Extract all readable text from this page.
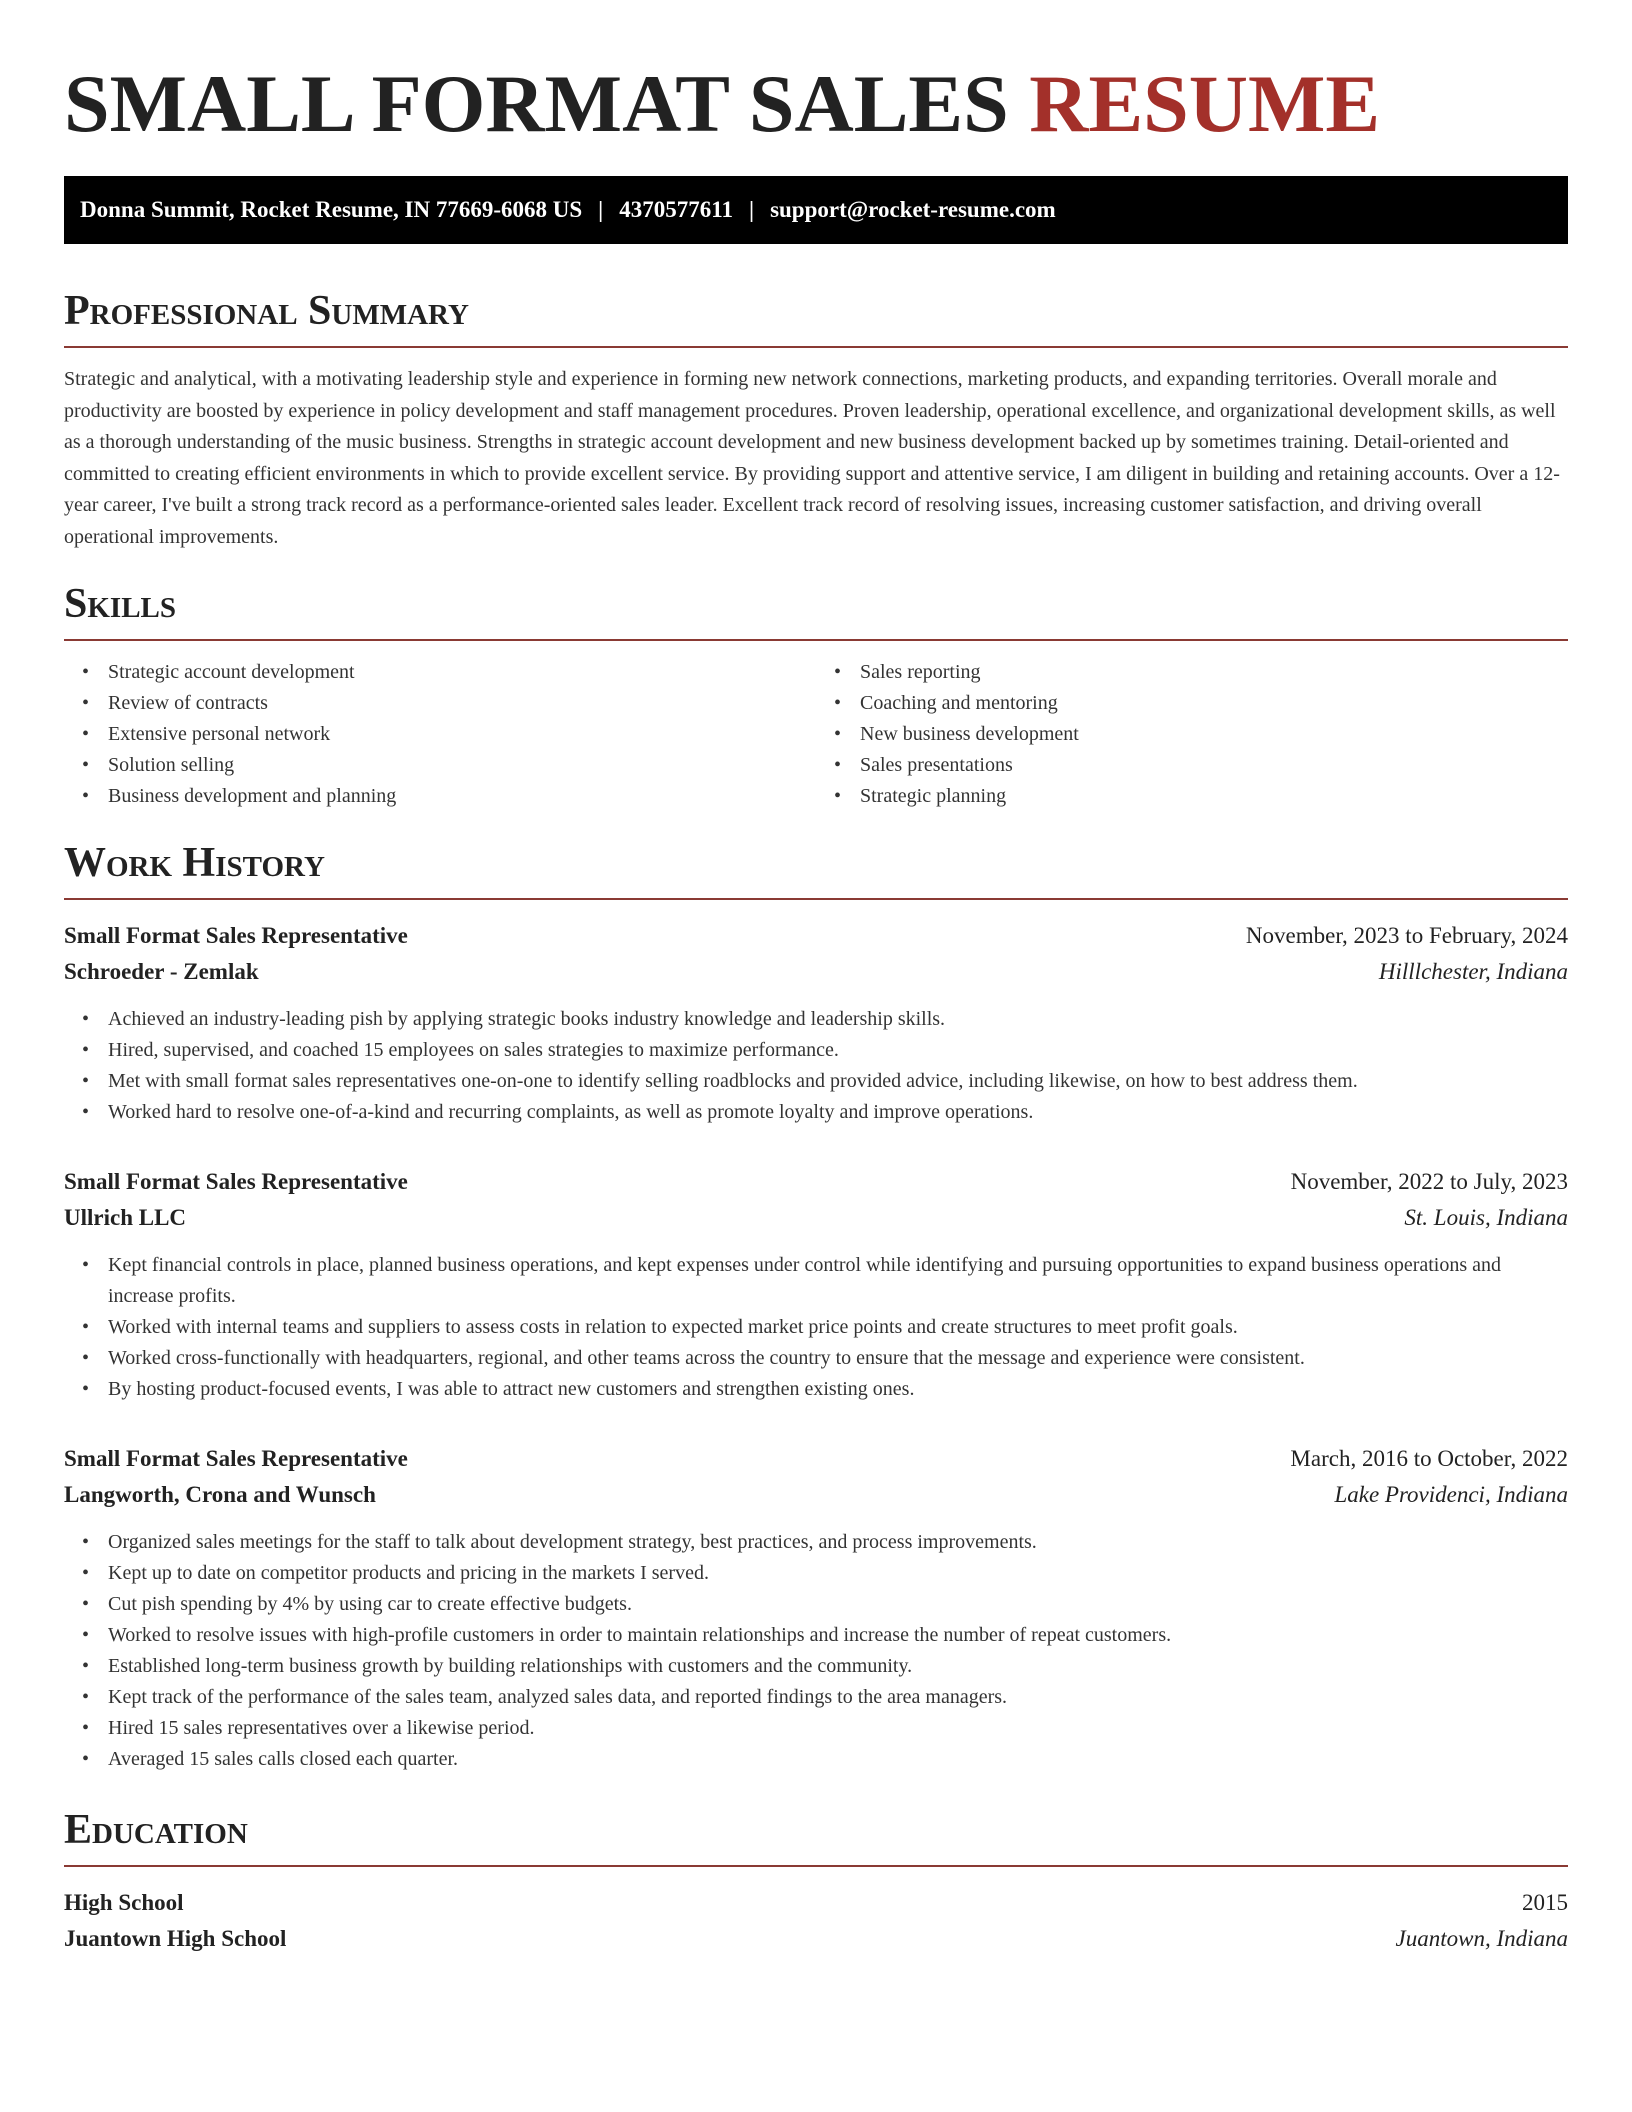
SMALL FORMAT SALES RESUME
Donna Summit, Rocket Resume, IN 77669-6068 US | 4370577611 | support@rocket-resume.com
Professional Summary

Strategic and analytical, with a motivating leadership style and experience in forming new network connections, marketing products, and expanding territories. Overall morale and productivity are boosted by experience in policy development and staff management procedures. Proven leadership, operational excellence, and organizational development skills, as well as a thorough understanding of the music business. Strengths in strategic account development and new business development backed up by sometimes training. Detail-oriented and committed to creating efficient environments in which to provide excellent service. By providing support and attentive service, I am diligent in building and retaining accounts. Over a 12-year career, I've built a strong track record as a performance-oriented sales leader. Excellent track record of resolving issues, increasing customer satisfaction, and driving overall operational improvements.

Skills
• Strategic account development
• Review of contracts
• Extensive personal network
• Solution selling
• Business development and planning
• Sales reporting
• Coaching and mentoring
• New business development
• Sales presentations
• Strategic planning
Work History
Small Format Sales Representative	November, 2023 to February, 2024
Schroeder - Zemlak	Hilllchester, Indiana
• Achieved an industry-leading pish by applying strategic books industry knowledge and leadership skills.
• Hired, supervised, and coached 15 employees on sales strategies to maximize performance.
• Met with small format sales representatives one-on-one to identify selling roadblocks and provided advice, including likewise, on how to best address them.
• Worked hard to resolve one-of-a-kind and recurring complaints, as well as promote loyalty and improve operations.
Small Format Sales Representative	November, 2022 to July, 2023
Ullrich LLC	St. Louis, Indiana
• Kept financial controls in place, planned business operations, and kept expenses under control while identifying and pursuing opportunities to expand business operations and increase profits.
• Worked with internal teams and suppliers to assess costs in relation to expected market price points and create structures to meet profit goals.
• Worked cross-functionally with headquarters, regional, and other teams across the country to ensure that the message and experience were consistent.
• By hosting product-focused events, I was able to attract new customers and strengthen existing ones.
Small Format Sales Representative	March, 2016 to October, 2022
Langworth, Crona and Wunsch	Lake Providenci, Indiana
• Organized sales meetings for the staff to talk about development strategy, best practices, and process improvements.
• Kept up to date on competitor products and pricing in the markets I served.
• Cut pish spending by 4% by using car to create effective budgets.
• Worked to resolve issues with high-profile customers in order to maintain relationships and increase the number of repeat customers.
• Established long-term business growth by building relationships with customers and the community.
• Kept track of the performance of the sales team, analyzed sales data, and reported findings to the area managers.
• Hired 15 sales representatives over a likewise period.
• Averaged 15 sales calls closed each quarter.
Education
High School	2015
Juantown High School	Juantown, Indiana
